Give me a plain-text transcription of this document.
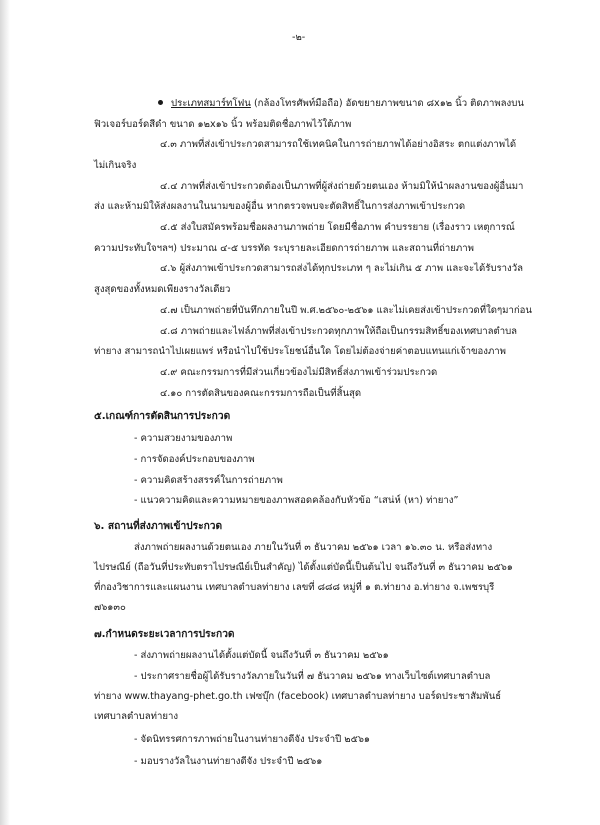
-๒-
ประเภทสมาร์ทโฟน (กล้องโทรศัพท์มือถือ) อัดขยายภาพขนาด ๘x๑๒ นิ้ว ติดภาพลงบน
ฟิวเจอร์บอร์ดสีดำ ขนาด ๑๒x๑๖ นิ้ว พร้อมติดชื่อภาพไว้ใต้ภาพ
๔.๓ ภาพที่ส่งเข้าประกวดสามารถใช้เทคนิคในการถ่ายภาพได้อย่างอิสระ ตกแต่งภาพได้
ไม่เกินจริง
๔.๔ ภาพที่ส่งเข้าประกวดต้องเป็นภาพที่ผู้ส่งถ่ายด้วยตนเอง ห้ามมิให้นำผลงานของผู้อื่นมา
ส่ง และห้ามมิให้ส่งผลงานในนามของผู้อื่น หากตรวจพบจะตัดสิทธิ์ในการส่งภาพเข้าประกวด
๔.๕ ส่งใบสมัครพร้อมชื่อผลงานภาพถ่าย โดยมีชื่อภาพ คำบรรยาย (เรื่องราว เหตุการณ์
ความประทับใจฯลฯ) ประมาณ ๔-๕ บรรทัด ระบุรายละเอียดการถ่ายภาพ และสถานที่ถ่ายภาพ
๔.๖ ผู้ส่งภาพเข้าประกวดสามารถส่งได้ทุกประเภท ๆ ละไม่เกิน ๕ ภาพ และจะได้รับรางวัล
สูงสุดของทั้งหมดเพียงรางวัลเดียว
๔.๗ เป็นภาพถ่ายที่บันทึกภายในปี พ.ศ.๒๕๖๐-๒๕๖๑ และไม่เคยส่งเข้าประกวดที่ใดๆมาก่อน
๔.๘ ภาพถ่ายและไฟล์ภาพที่ส่งเข้าประกวดทุกภาพให้ถือเป็นกรรมสิทธิ์ของเทศบาลตำบล
ท่ายาง สามารถนำไปเผยแพร่ หรือนำไปใช้ประโยชน์อื่นใด โดยไม่ต้องจ่ายค่าตอบแทนแก่เจ้าของภาพ
๔.๙ คณะกรรมการที่มีส่วนเกี่ยวข้องไม่มีสิทธิ์ส่งภาพเข้าร่วมประกวด
๔.๑๐ การตัดสินของคณะกรรมการถือเป็นที่สิ้นสุด
๕.เกณฑ์การตัดสินการประกวด
- ความสวยงามของภาพ
- การจัดองค์ประกอบของภาพ
- ความคิดสร้างสรรค์ในการถ่ายภาพ
- แนวความคิดและความหมายของภาพสอดคล้องกับหัวข้อ “เสน่ห์ (หา) ท่ายาง”
๖. สถานที่ส่งภาพเข้าประกวด
ส่งภาพถ่ายผลงานด้วยตนเอง ภายในวันที่ ๓ ธันวาคม ๒๕๖๑ เวลา ๑๖.๓๐ น. หรือส่งทาง
ไปรษณีย์ (ถือวันที่ประทับตราไปรษณีย์เป็นสำคัญ) ได้ตั้งแต่บัดนี้เป็นต้นไป จนถึงวันที่ ๓ ธันวาคม ๒๕๖๑
ที่กองวิชาการและแผนงาน เทศบาลตำบลท่ายาง เลขที่ ๘๘๘ หมู่ที่ ๑ ต.ท่ายาง อ.ท่ายาง จ.เพชรบุรี
๗๖๑๓๐
๗.กำหนดระยะเวลาการประกวด
- ส่งภาพถ่ายผลงานได้ตั้งแต่บัดนี้ จนถึงวันที่ ๓ ธันวาคม ๒๕๖๑
- ประกาศรายชื่อผู้ได้รับรางวัลภายในวันที่ ๗ ธันวาคม ๒๕๖๑ ทางเว็บไซต์เทศบาลตำบล
ท่ายาง www.thayang-phet.go.th เฟซบุ๊ก (facebook) เทศบาลตำบลท่ายาง บอร์ดประชาสัมพันธ์
เทศบาลตำบลท่ายาง
- จัดนิทรรศการภาพถ่ายในงานท่ายางดีจัง ประจำปี ๒๕๖๑
- มอบรางวัลในงานท่ายางดีจัง ประจำปี ๒๕๖๑
